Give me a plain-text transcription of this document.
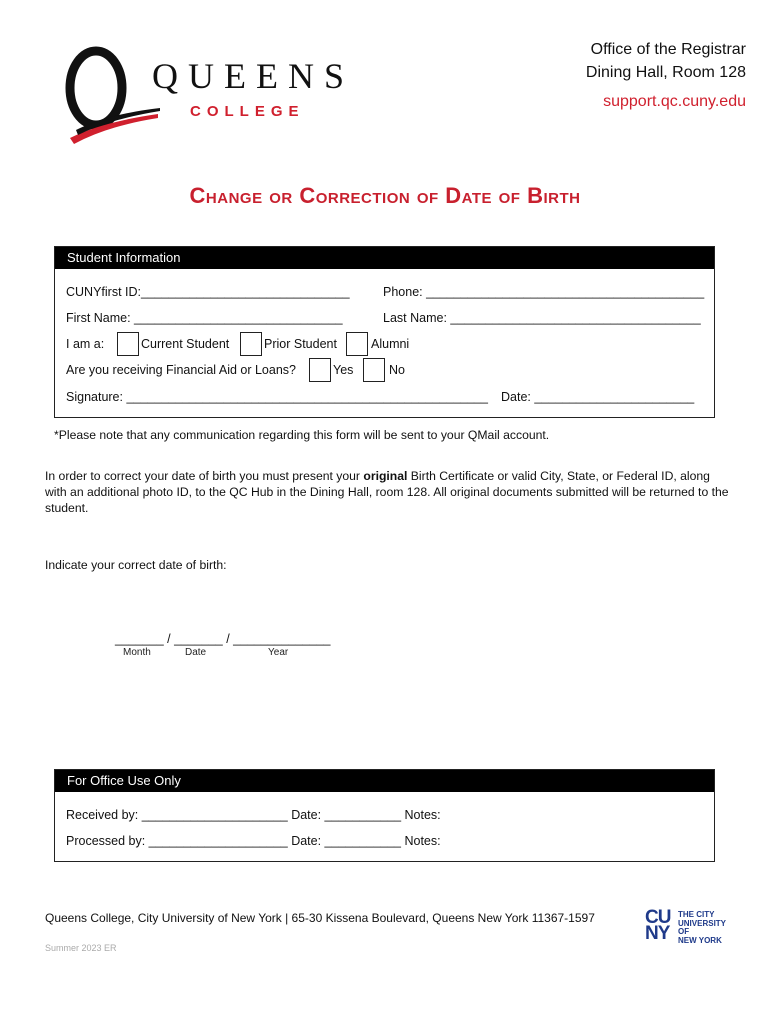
QUEENS
COLLEGE
Office of the Registrar
Dining Hall, Room 128
support.qc.cuny.edu
Change or Correction of Date of Birth
Student Information
CUNYfirst ID:______________________________	Phone: ________________________________________
First Name: ______________________________	Last Name: ____________________________________
I am a:	Current Student	Prior Student	Alumni
Are you receiving Financial Aid or Loans?	Yes	No
Signature: ____________________________________________________ Date: _______________________
*Please note that any communication regarding this form will be sent to your QMail account.
In order to correct your date of birth you must present your original Birth Certificate or valid City, State, or Federal ID, along with an additional photo ID, to the QC Hub in the Dining Hall, room 128. All original documents submitted will be returned to the student.
Indicate your correct date of birth:
_______ / _______ / ______________
Month	Date	Year
For Office Use Only
Received by: _____________________ Date: ___________ Notes:
Processed by: ____________________ Date: ___________ Notes:
Queens College, City University of New York | 65-30 Kissena Boulevard, Queens New York 11367-1597
Summer 2023 ER
CU
NY
THE CITY
UNIVERSITY
OF
NEW YORK
